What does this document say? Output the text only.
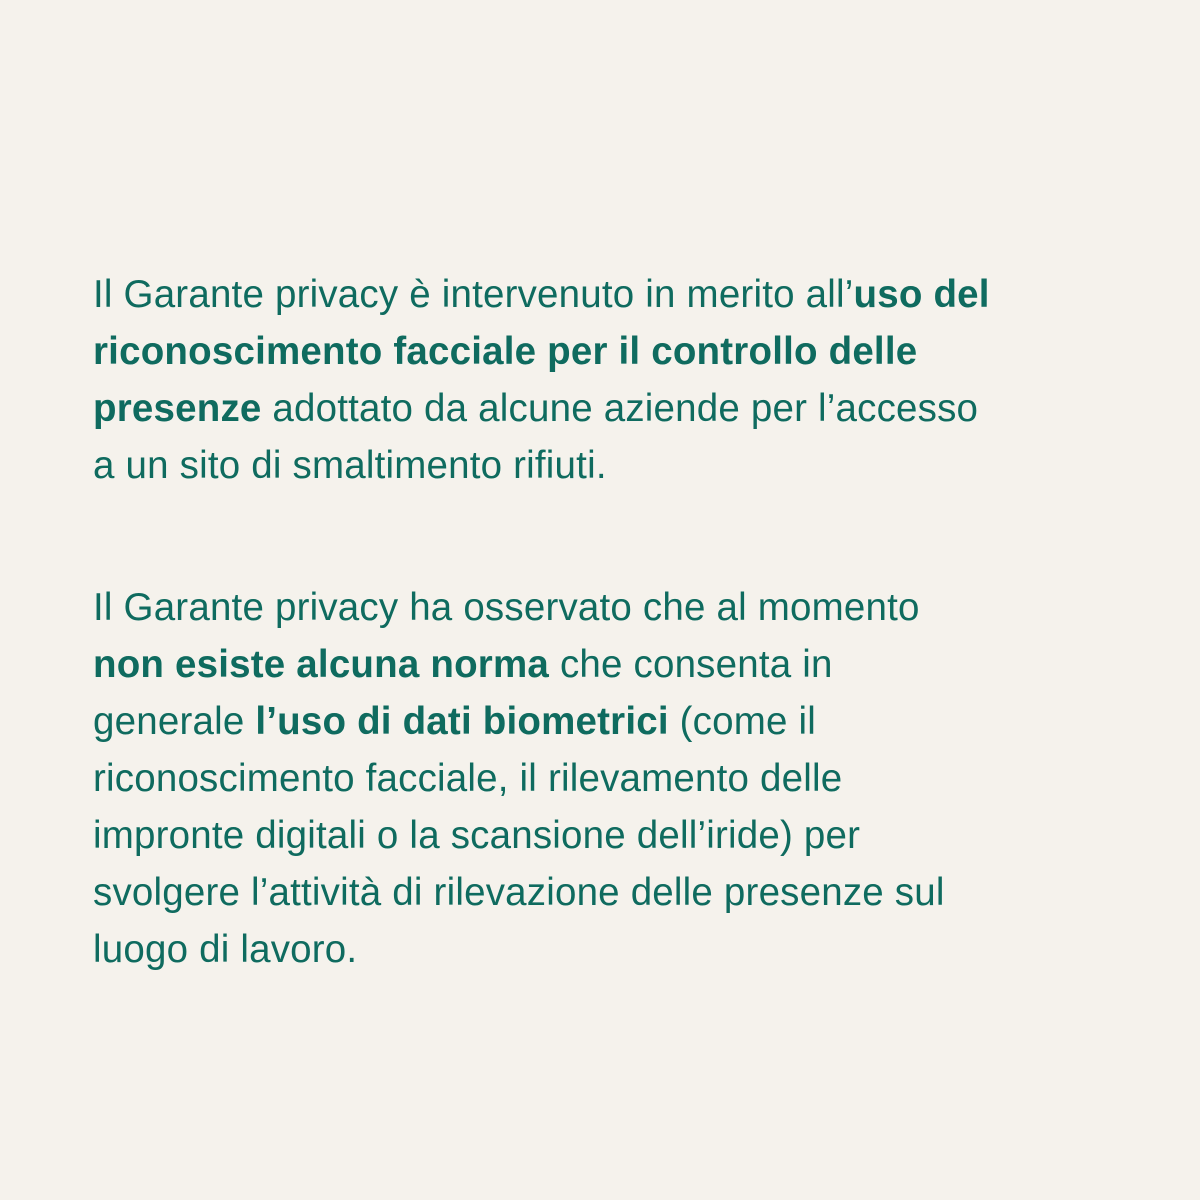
Il Garante privacy è intervenuto in merito all’uso del
riconoscimento facciale per il controllo delle
presenze adottato da alcune aziende per l’accesso
a un sito di smaltimento rifiuti.

Il Garante privacy ha osservato che al momento
non esiste alcuna norma che consenta in
generale l’uso di dati biometrici (come il
riconoscimento facciale, il rilevamento delle
impronte digitali o la scansione dell’iride) per
svolgere l’attività di rilevazione delle presenze sul
luogo di lavoro.
